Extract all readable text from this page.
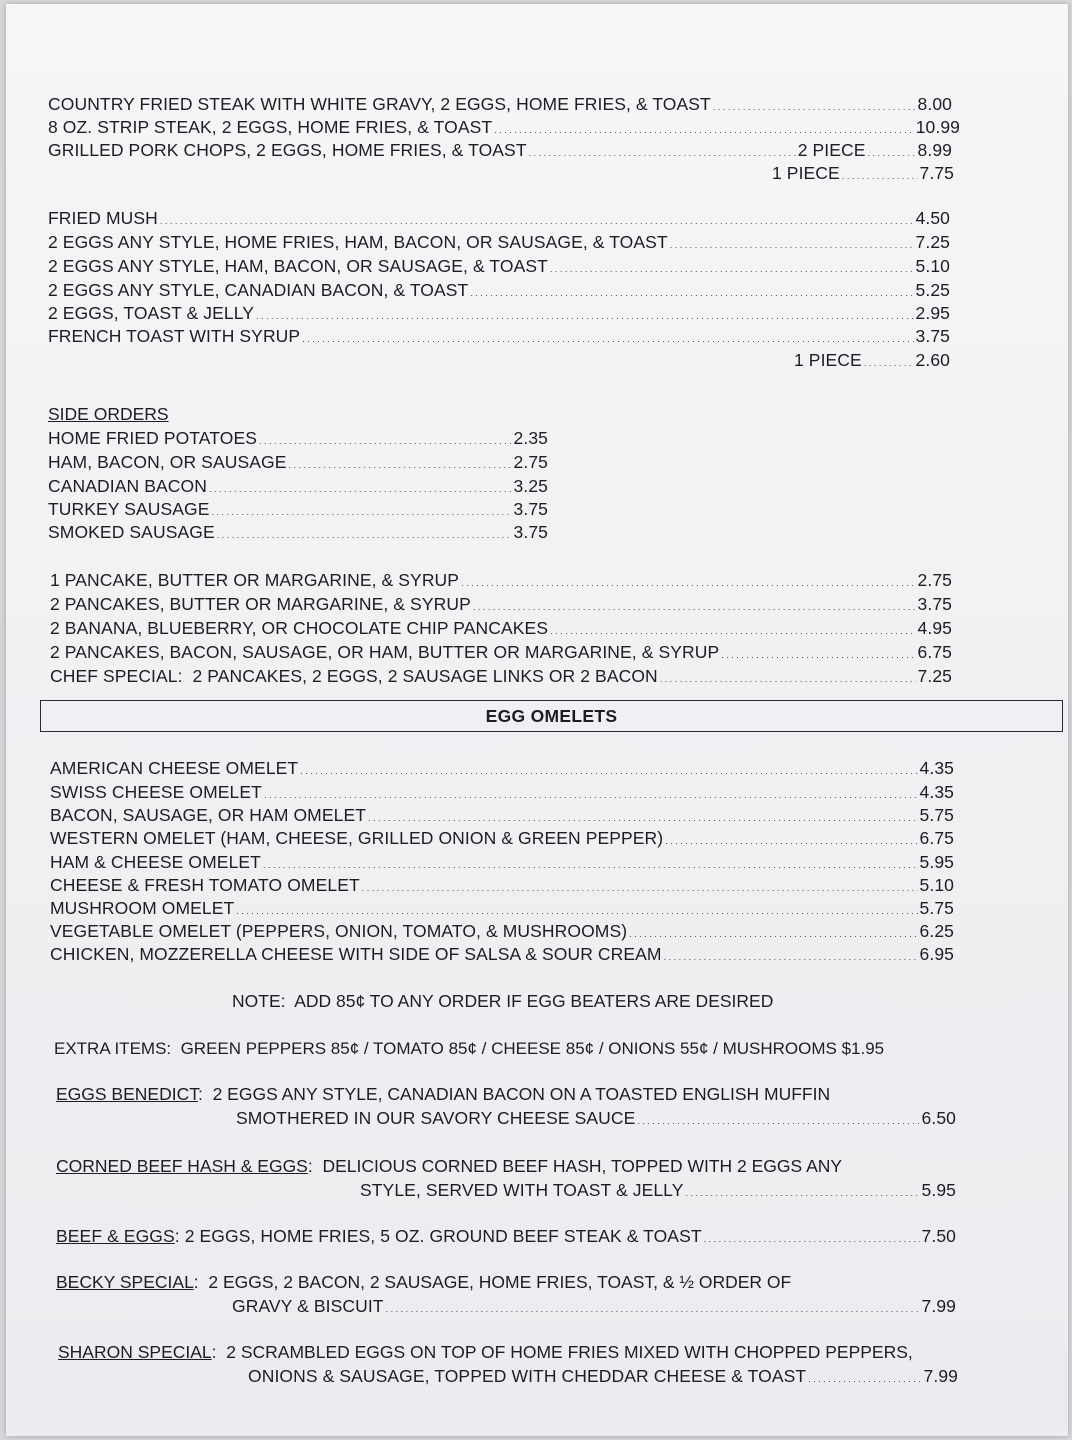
COUNTRY FRIED STEAK WITH WHITE GRAVY, 2 EGGS, HOME FRIES, & TOAST . . .	8.00
8 OZ. STRIP STEAK, 2 EGGS, HOME FRIES, & TOAST . . .	10.99
GRILLED PORK CHOPS, 2 EGGS, HOME FRIES, & TOAST . . .	2 PIECE . . .	8.99
1 PIECE . . .	7.75
FRIED MUSH . . .	4.50
2 EGGS ANY STYLE, HOME FRIES, HAM, BACON, OR SAUSAGE, & TOAST . . .	7.25
2 EGGS ANY STYLE, HAM, BACON, OR SAUSAGE, & TOAST . . .	5.10
2 EGGS ANY STYLE, CANADIAN BACON, & TOAST . . .	5.25
2 EGGS, TOAST & JELLY . . .	2.95
FRENCH TOAST WITH SYRUP . . .	3.75
1 PIECE . . .	2.60
SIDE ORDERS
HOME FRIED POTATOES . . .	2.35
HAM, BACON, OR SAUSAGE . . .	2.75
CANADIAN BACON . . .	3.25
TURKEY SAUSAGE . . .	3.75
SMOKED SAUSAGE . . .	3.75
1 PANCAKE, BUTTER OR MARGARINE, & SYRUP . . .	2.75
2 PANCAKES, BUTTER OR MARGARINE, & SYRUP . . .	3.75
2 BANANA, BLUEBERRY, OR CHOCOLATE CHIP PANCAKES . . .	4.95
2 PANCAKES, BACON, SAUSAGE, OR HAM, BUTTER OR MARGARINE, & SYRUP . . .	6.75
CHEF SPECIAL:  2 PANCAKES, 2 EGGS, 2 SAUSAGE LINKS OR 2 BACON . . .	7.25
EGG OMELETS
AMERICAN CHEESE OMELET . . .	4.35
SWISS CHEESE OMELET . . .	4.35
BACON, SAUSAGE, OR HAM OMELET . . .	5.75
WESTERN OMELET (HAM, CHEESE, GRILLED ONION & GREEN PEPPER) . . .	6.75
HAM & CHEESE OMELET . . .	5.95
CHEESE & FRESH TOMATO OMELET . . .	5.10
MUSHROOM OMELET . . .	5.75
VEGETABLE OMELET (PEPPERS, ONION, TOMATO, & MUSHROOMS) . . .	6.25
CHICKEN, MOZZERELLA CHEESE WITH SIDE OF SALSA & SOUR CREAM . . .	6.95
NOTE:  ADD 85¢ TO ANY ORDER IF EGG BEATERS ARE DESIRED
EXTRA ITEMS:  GREEN PEPPERS 85¢ / TOMATO 85¢ / CHEESE 85¢ / ONIONS 55¢ / MUSHROOMS $1.95
EGGS BENEDICT:  2 EGGS ANY STYLE, CANADIAN BACON ON A TOASTED ENGLISH MUFFIN
SMOTHERED IN OUR SAVORY CHEESE SAUCE . . .	6.50
CORNED BEEF HASH & EGGS:  DELICIOUS CORNED BEEF HASH, TOPPED WITH 2 EGGS ANY
STYLE, SERVED WITH TOAST & JELLY . . .	5.95
BEEF & EGGS: 2 EGGS, HOME FRIES, 5 OZ. GROUND BEEF STEAK & TOAST . . .	7.50
BECKY SPECIAL:  2 EGGS, 2 BACON, 2 SAUSAGE, HOME FRIES, TOAST, & ½ ORDER OF
GRAVY & BISCUIT . . .	7.99
SHARON SPECIAL:  2 SCRAMBLED EGGS ON TOP OF HOME FRIES MIXED WITH CHOPPED PEPPERS,
ONIONS & SAUSAGE, TOPPED WITH CHEDDAR CHEESE & TOAST . . .	7.99
